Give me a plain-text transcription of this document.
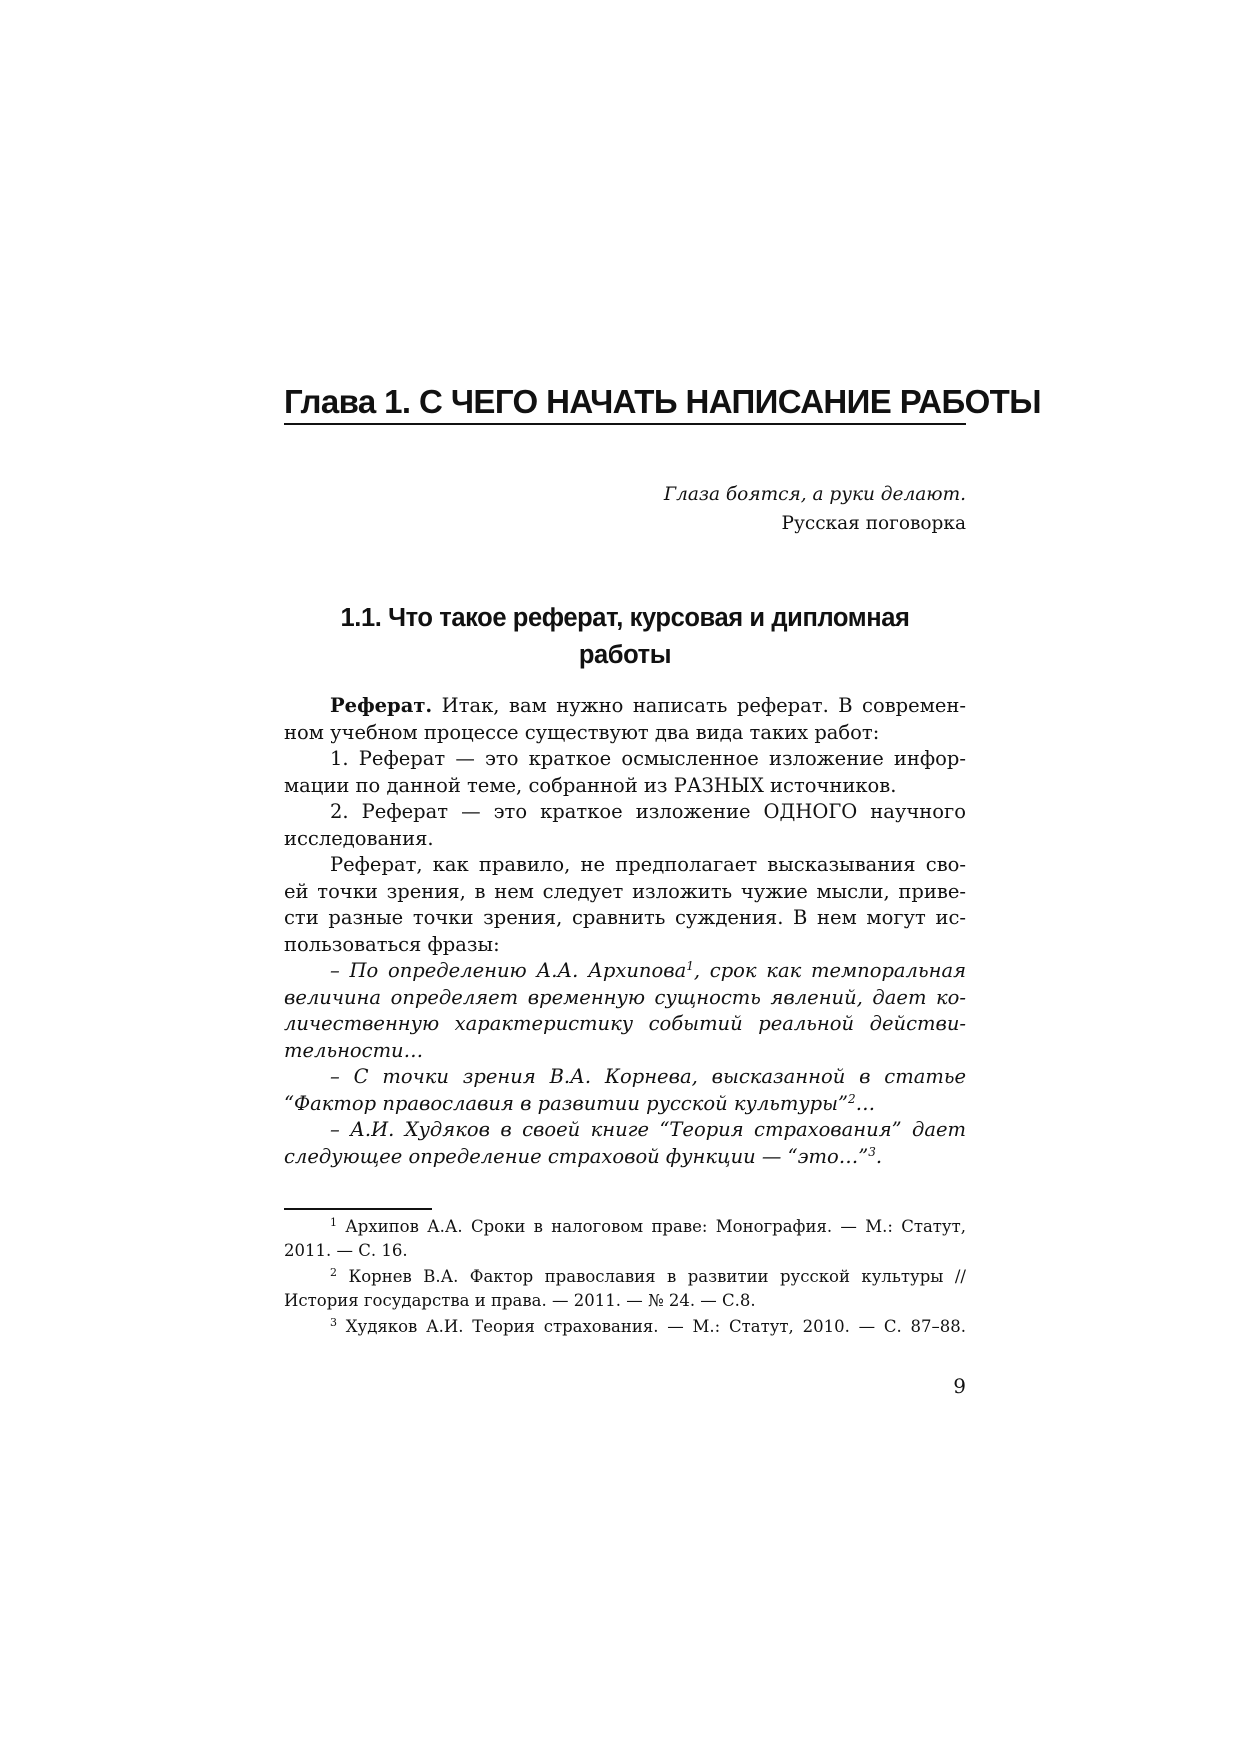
Глава 1. С ЧЕГО НАЧАТЬ НАПИСАНИЕ РАБОТЫ
Глаза боятся, а руки делают.
Русская поговорка
1.1. Что такое реферат, курсовая и дипломная
работы
Реферат. Итак, вам нужно написать реферат. В современ-
ном учебном процессе существуют два вида таких работ:
1. Реферат — это краткое осмысленное изложение инфор-
мации по данной теме, собранной из РАЗНЫХ источников.
2. Реферат — это краткое изложение ОДНОГО научного
исследования.
Реферат, как правило, не предполагает высказывания сво-
ей точки зрения, в нем следует изложить чужие мысли, приве-
сти разные точки зрения, сравнить суждения. В нем могут ис-
пользоваться фразы:
– По определению А.А. Архипова$^1$, срок как темпоральная
величина определяет временную сущность явлений, дает ко-
личественную характеристику событий реальной действи-
тельности…
– С точки зрения В.А. Корнева, высказанной в статье
“Фактор православия в развитии русской культуры”$^2$…
– А.И. Худяков в своей книге “Теория страхования” дает
следующее определение страховой функции — “это…”$^3$.
$^1$ Архипов А.А. Сроки в налоговом праве: Монография. — М.: Статут,
2011. — С. 16.
$^2$ Корнев В.А. Фактор православия в развитии русской культуры //
История государства и права. — 2011. — № 24. — С.8.
$^3$ Худяков А.И. Теория страхования. — М.: Статут, 2010. — С. 87–88.
9
